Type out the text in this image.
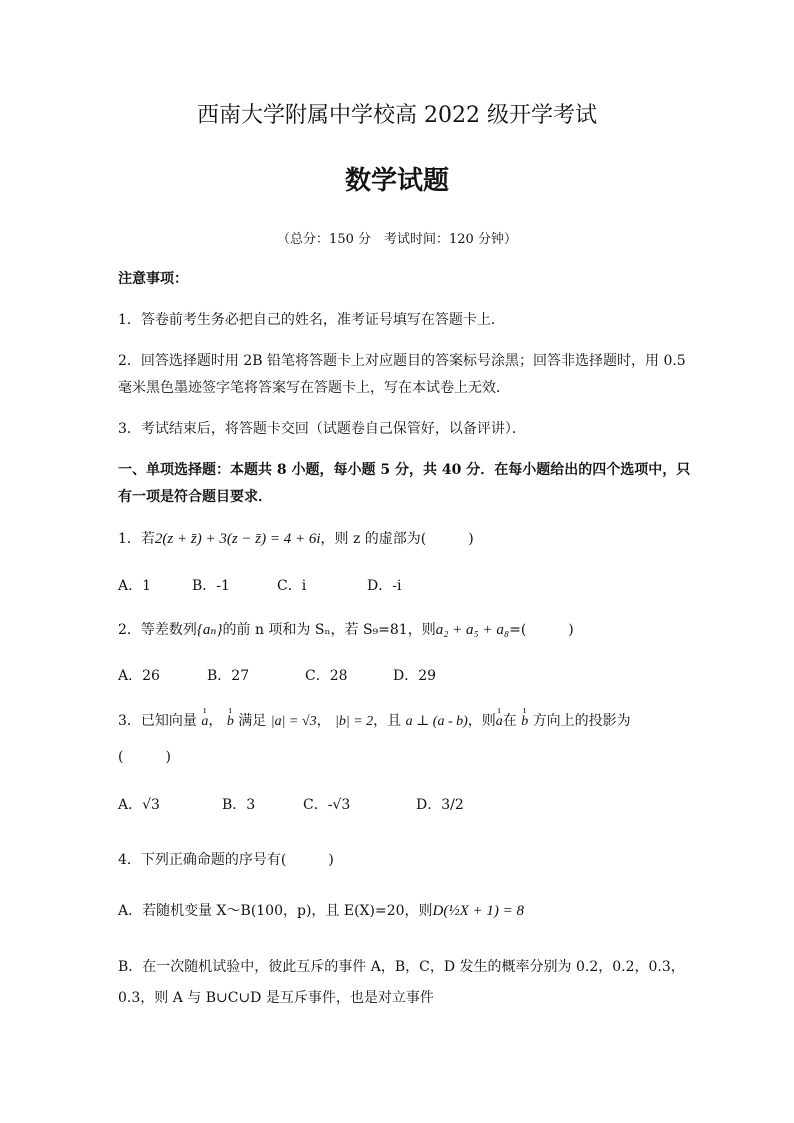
西南大学附属中学校高 2022 级开学考试
数学试题
（总分：150 分　考试时间：120 分钟）
注意事项：
1．答卷前考生务必把自己的姓名，准考证号填写在答题卡上．
2．回答选择题时用 2B 铅笔将答题卡上对应题目的答案标号涂黑；回答非选择题时，用 0.5
毫米黑色墨迹签字笔将答案写在答题卡上，写在本试卷上无效．
3．考试结束后，将答题卡交回（试题卷自己保管好，以备评讲）．
一、单项选择题：本题共 8 小题，每小题 5 分，共 40 分．在每小题给出的四个选项中，只
有一项是符合题目要求．
1．若2(z + z̄) + 3(z − z̄) = 4 + 6i，则 z 的虚部为(　　　)
A．1	B．-1	C．i	D．-i
2．等差数列{aₙ}的前 n 项和为 Sₙ，若 S₉=81，则a₂ + a₅ + a₈=(　　　)
A．26	B．27	C．28	D．29
3．已知向量 ı a， ı b 满足 |a| = √3， |b| = 2，且 a ⊥ (a - b)，则ı a在 ı b 方向上的投影为
(　　　)
A．√3	B．3	C．-√3	D．3/2
4．下列正确命题的序号有(　　　)
A．若随机变量 X～B(100，p)，且 E(X)=20，则D(½X + 1) = 8
B．在一次随机试验中，彼此互斥的事件 A，B，C，D 发生的概率分别为 0.2，0.2，0.3，
0.3，则 A 与 B∪C∪D 是互斥事件，也是对立事件
